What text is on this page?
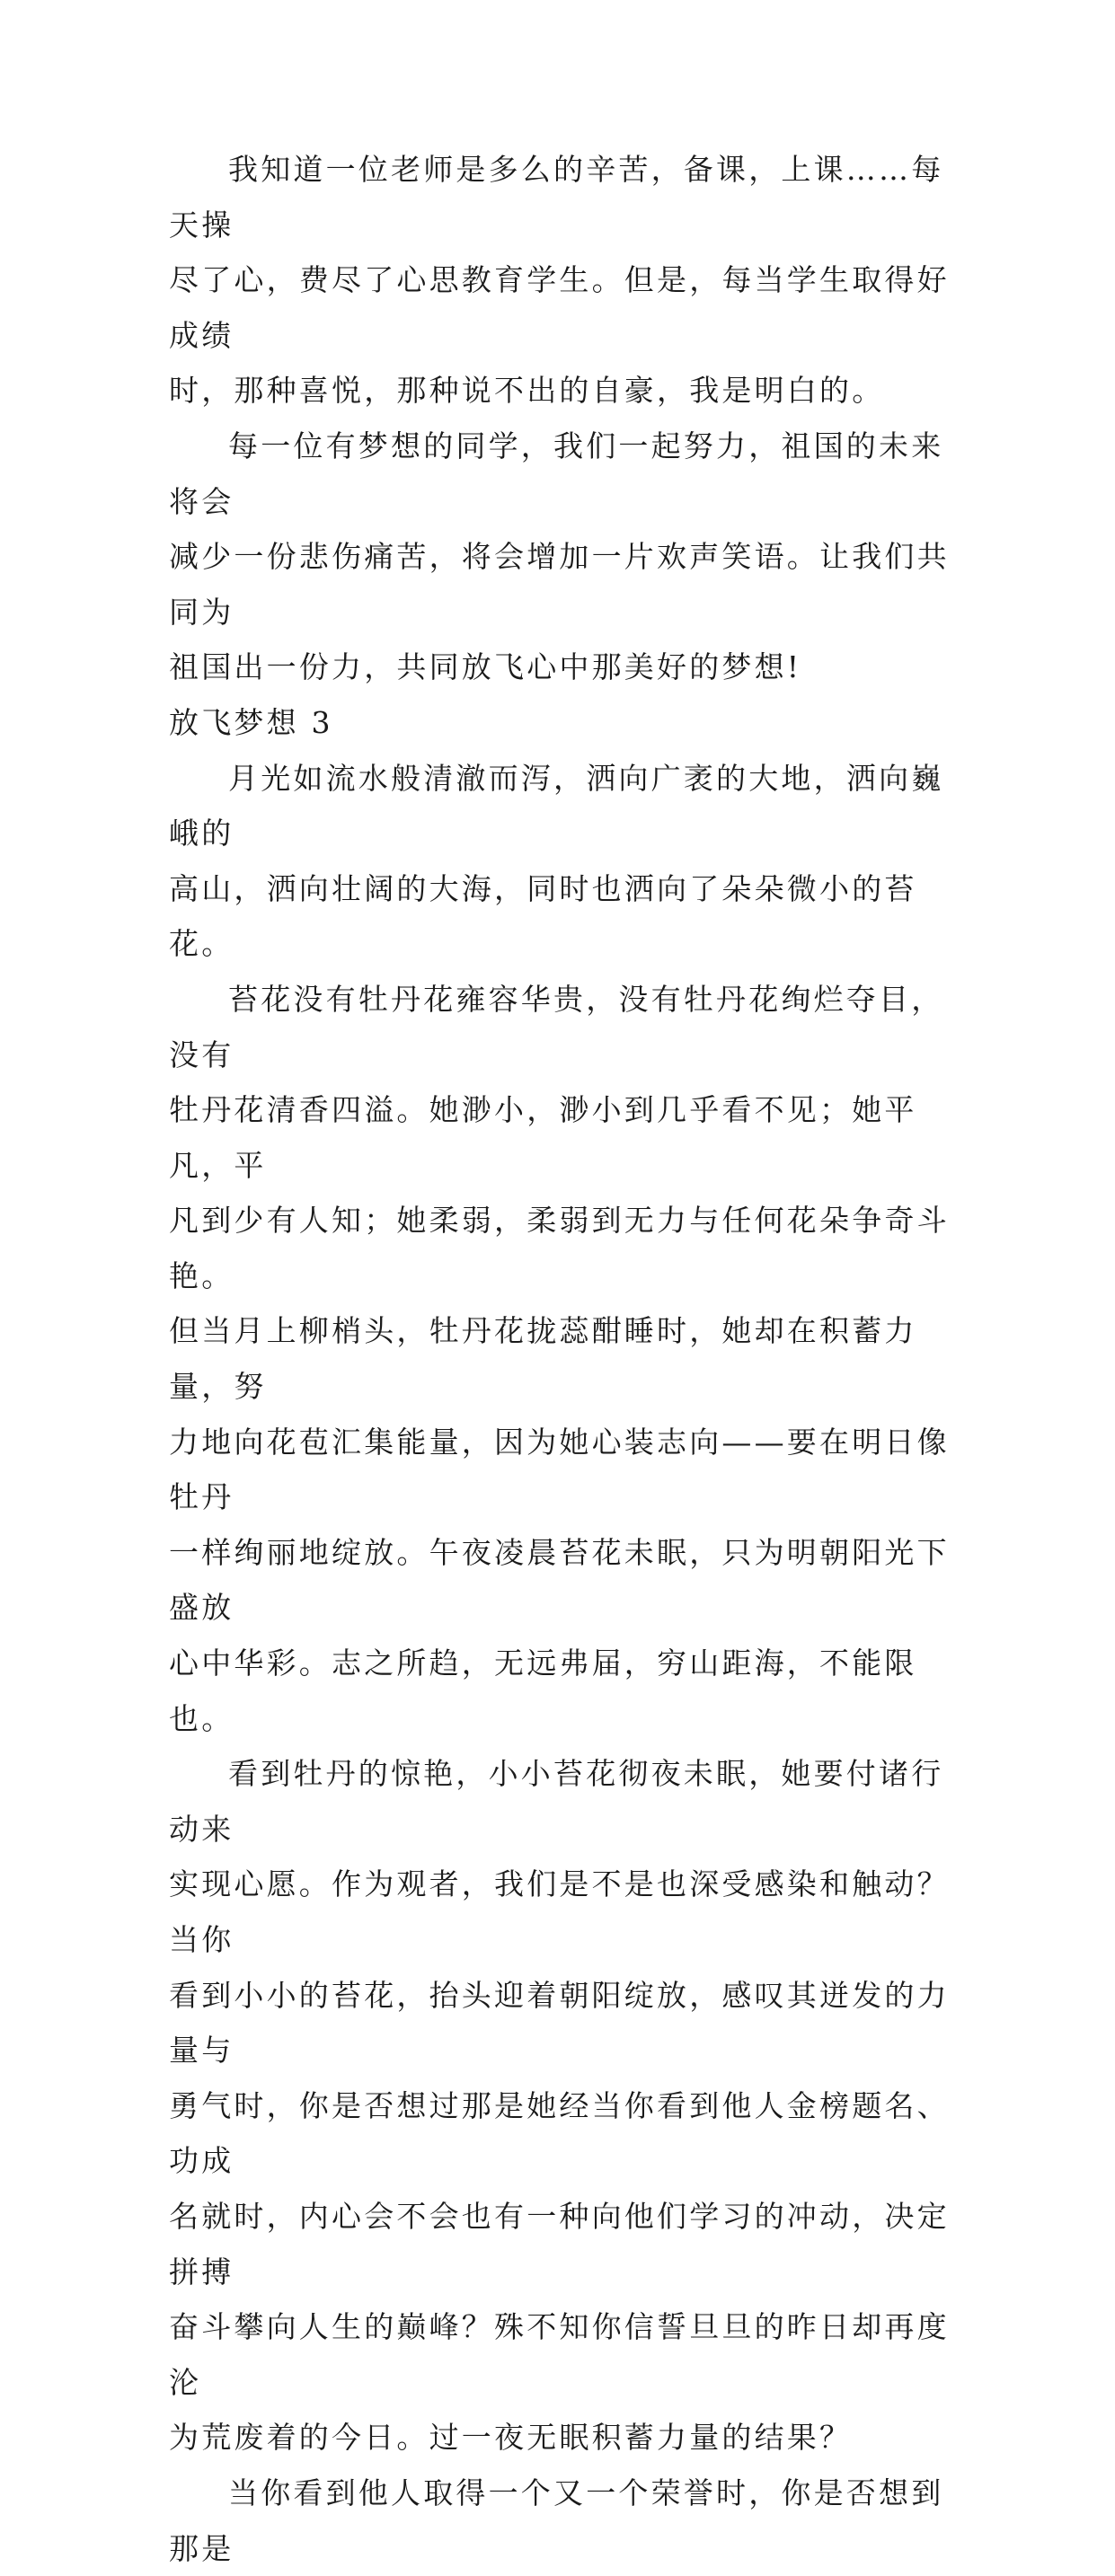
我知道一位老师是多么的辛苦，备课，上课……每天操
尽了心，费尽了心思教育学生。但是，每当学生取得好成绩
时，那种喜悦，那种说不出的自豪，我是明白的。

每一位有梦想的同学，我们一起努力，祖国的未来将会
减少一份悲伤痛苦，将会增加一片欢声笑语。让我们共同为
祖国出一份力，共同放飞心中那美好的梦想!

放飞梦想 3

月光如流水般清澈而泻，洒向广袤的大地，洒向巍峨的
高山，洒向壮阔的大海，同时也洒向了朵朵微小的苔花。

苔花没有牡丹花雍容华贵，没有牡丹花绚烂夺目，没有
牡丹花清香四溢。她渺小，渺小到几乎看不见；她平凡，平
凡到少有人知；她柔弱，柔弱到无力与任何花朵争奇斗艳。
但当月上柳梢头，牡丹花拢蕊酣睡时，她却在积蓄力量，努
力地向花苞汇集能量，因为她心装志向——要在明日像牡丹
一样绚丽地绽放。午夜凌晨苔花未眠，只为明朝阳光下盛放
心中华彩。志之所趋，无远弗届，穷山距海，不能限也。

看到牡丹的惊艳，小小苔花彻夜未眠，她要付诸行动来
实现心愿。作为观者，我们是不是也深受感染和触动？当你
看到小小的苔花，抬头迎着朝阳绽放，感叹其迸发的力量与
勇气时，你是否想过那是她经当你看到他人金榜题名、功成
名就时，内心会不会也有一种向他们学习的冲动，决定拼搏
奋斗攀向人生的巅峰？殊不知你信誓旦旦的昨日却再度沦
为荒废着的今日。过一夜无眠积蓄力量的结果？

当你看到他人取得一个又一个荣誉时，你是否想到那是
